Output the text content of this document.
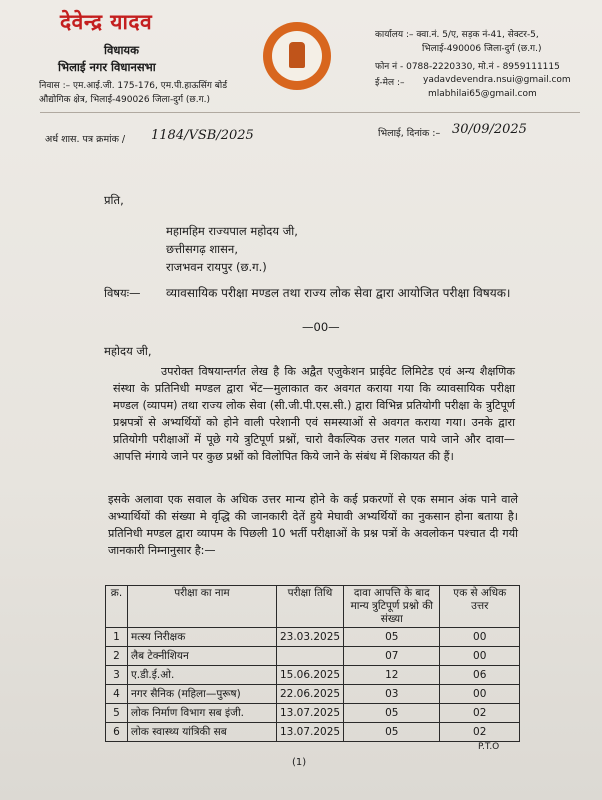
देवेन्द्र यादव
विधायक
भिलाई नगर विधानसभा
निवास :– एम.आई.जी. 175-176, एम.पी.हाऊसिंग बोर्ड
औद्योगिक क्षेत्र, भिलाई-490026 जिला-दुर्ग (छ.ग.)
कार्यालय :– क्वा.नं. 5/ए, सड़क नं-41, सेक्टर-5,
भिलाई-490006 जिला-दुर्ग (छ.ग.)
फोन नं - 0788-2220330, मो.नं - 8959111115
ई-मेल :– yadavdevendra.nsui@gmail.com
mlabhilai65@gmail.com
अर्ध शास. पत्र क्रमांक / 1184/VSB/2025	भिलाई, दिनांक :– 30/09/2025
प्रति,
महामहिम राज्यपाल महोदय जी,
छत्तीसगढ़ शासन,
राजभवन रायपुर (छ.ग.)
विषयः— व्यावसायिक परीक्षा मण्डल तथा राज्य लोक सेवा द्वारा आयोजित परीक्षा विषयक।
—00—
महोदय जी,
उपरोक्त विषयान्तर्गत लेख है कि अद्वैत एजुकेशन प्राईवेट लिमिटेड एवं अन्य शैक्षणिक संस्था के प्रतिनिधी मण्डल द्वारा भेंट—मुलाकात कर अवगत कराया गया कि व्यावसायिक परीक्षा मण्डल (व्यापम) तथा राज्य लोक सेवा (सी.जी.पी.एस.सी.) द्वारा विभिन्न प्रतियोगी परीक्षा के त्रुटिपूर्ण प्रश्नपत्रों से अभ्यर्थियों को होने वाली परेशानी एवं समस्याओं से अवगत कराया गया। उनके द्वारा प्रतियोगी परीक्षाओं में पूछे गये त्रुटिपूर्ण प्रश्नों, चारो वैकल्पिक उत्तर गलत पाये जाने और दावा—आपत्ति मंगाये जाने पर कुछ प्रश्नों को विलोपित किये जाने के संबंध में शिकायत की हैं।
इसके अलावा एक सवाल के अधिक उत्तर मान्य होने के कई प्रकरणों से एक समान अंक पाने वाले अभ्यार्थियों की संख्या मे वृद्धि की जानकारी देतें हुये मेघावी अभ्यर्थियों का नुकसान होना बताया है। प्रतिनिधी मण्डल द्वारा व्यापम के पिछली 10 भर्ती परीक्षाओं के प्रश्न पत्रों के अवलोकन पश्चात दी गयी जानकारी निम्नानुसार है:—
क्र.	परीक्षा का नाम	परीक्षा तिथि	दावा आपत्ति के बाद मान्य त्रुटिपूर्ण प्रश्नो की संख्या	एक से अधिक उत्तर
1	मत्स्य निरीक्षक	23.03.2025	05	00
2	लैब टेक्नीशियन		07	00
3	ए.डी.ई.ओ.	15.06.2025	12	06
4	नगर सैनिक (महिला—पुरूष)	22.06.2025	03	00
5	लोक निर्माण विभाग सब इंजी.	13.07.2025	05	02
6	लोक स्वास्थ्य यांत्रिकी सब	13.07.2025	05	02
P.T.O
(1)
